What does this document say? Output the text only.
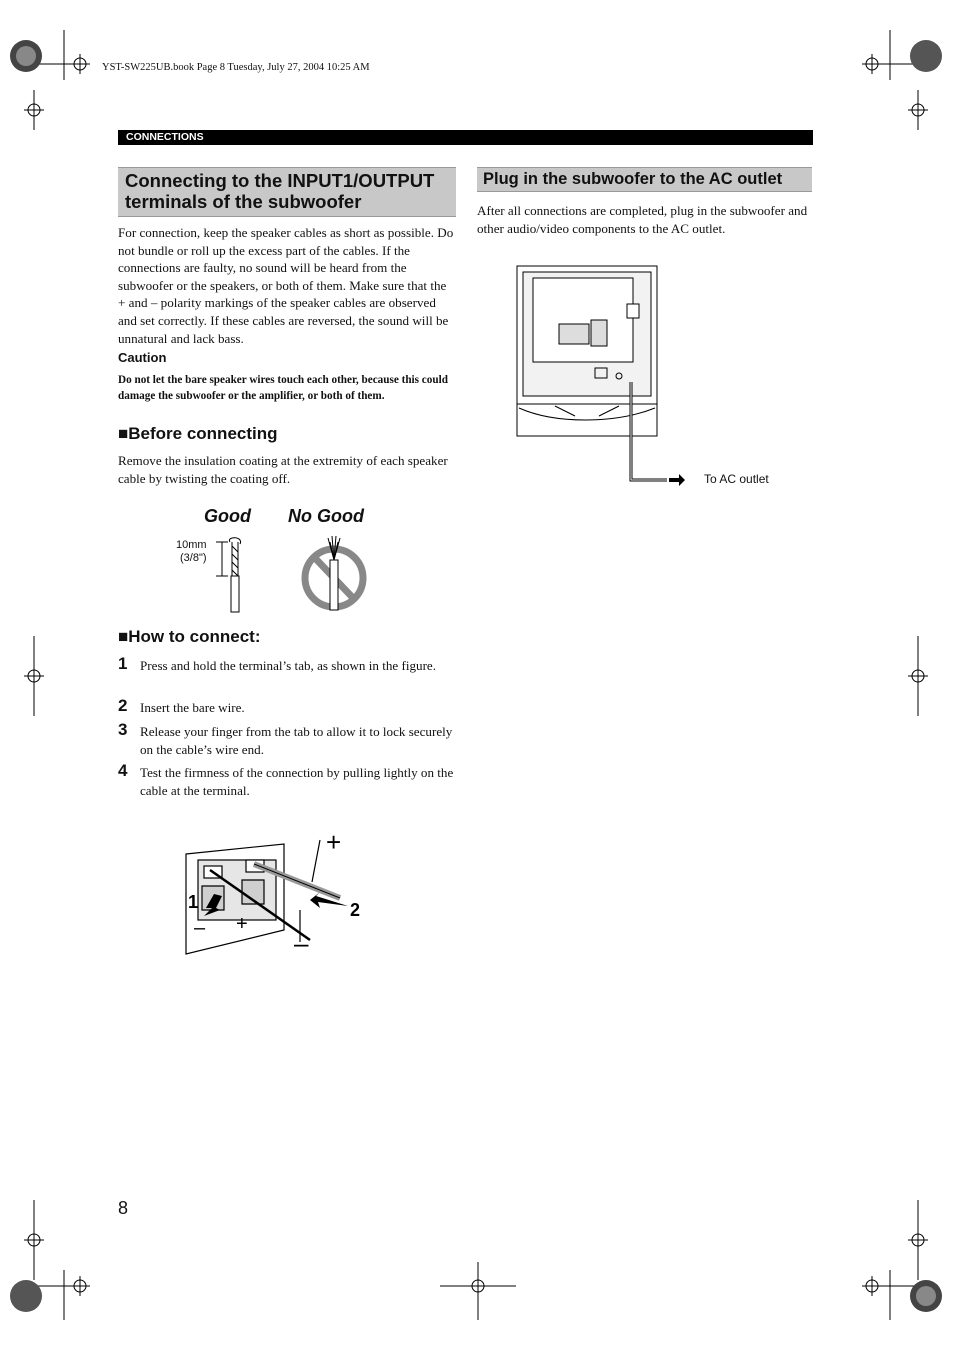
YST-SW225UB.book Page 8 Tuesday, July 27, 2004 10:25 AM
CONNECTIONS
Connecting to the INPUT1/OUTPUT
terminals of the subwoofer
For connection, keep the speaker cables as short as possible. Do not bundle or roll up the excess part of the cables. If the connections are faulty, no sound will be heard from the subwoofer or the speakers, or both of them. Make sure that the + and – polarity markings of the speaker cables are observed and set correctly. If these cables are reversed, the sound will be unnatural and lack bass.
Caution
Do not let the bare speaker wires touch each other, because this could damage the subwoofer or the amplifier, or both of them.
■Before connecting
Remove the insulation coating at the extremity of each speaker cable by twisting the coating off.
Good No Good
10mm
(3/8")
■How to connect:
1 Press and hold the terminal’s tab, as shown in the figure.
2 Insert the bare wire.
3 Release your finger from the tab to allow it to lock securely on the cable’s wire end.
4 Test the firmness of the connection by pulling lightly on the cable at the terminal.
+
–
1	2
– +
Plug in the subwoofer to the AC outlet
After all connections are completed, plug in the subwoofer and other audio/video components to the AC outlet.
To AC outlet
8
